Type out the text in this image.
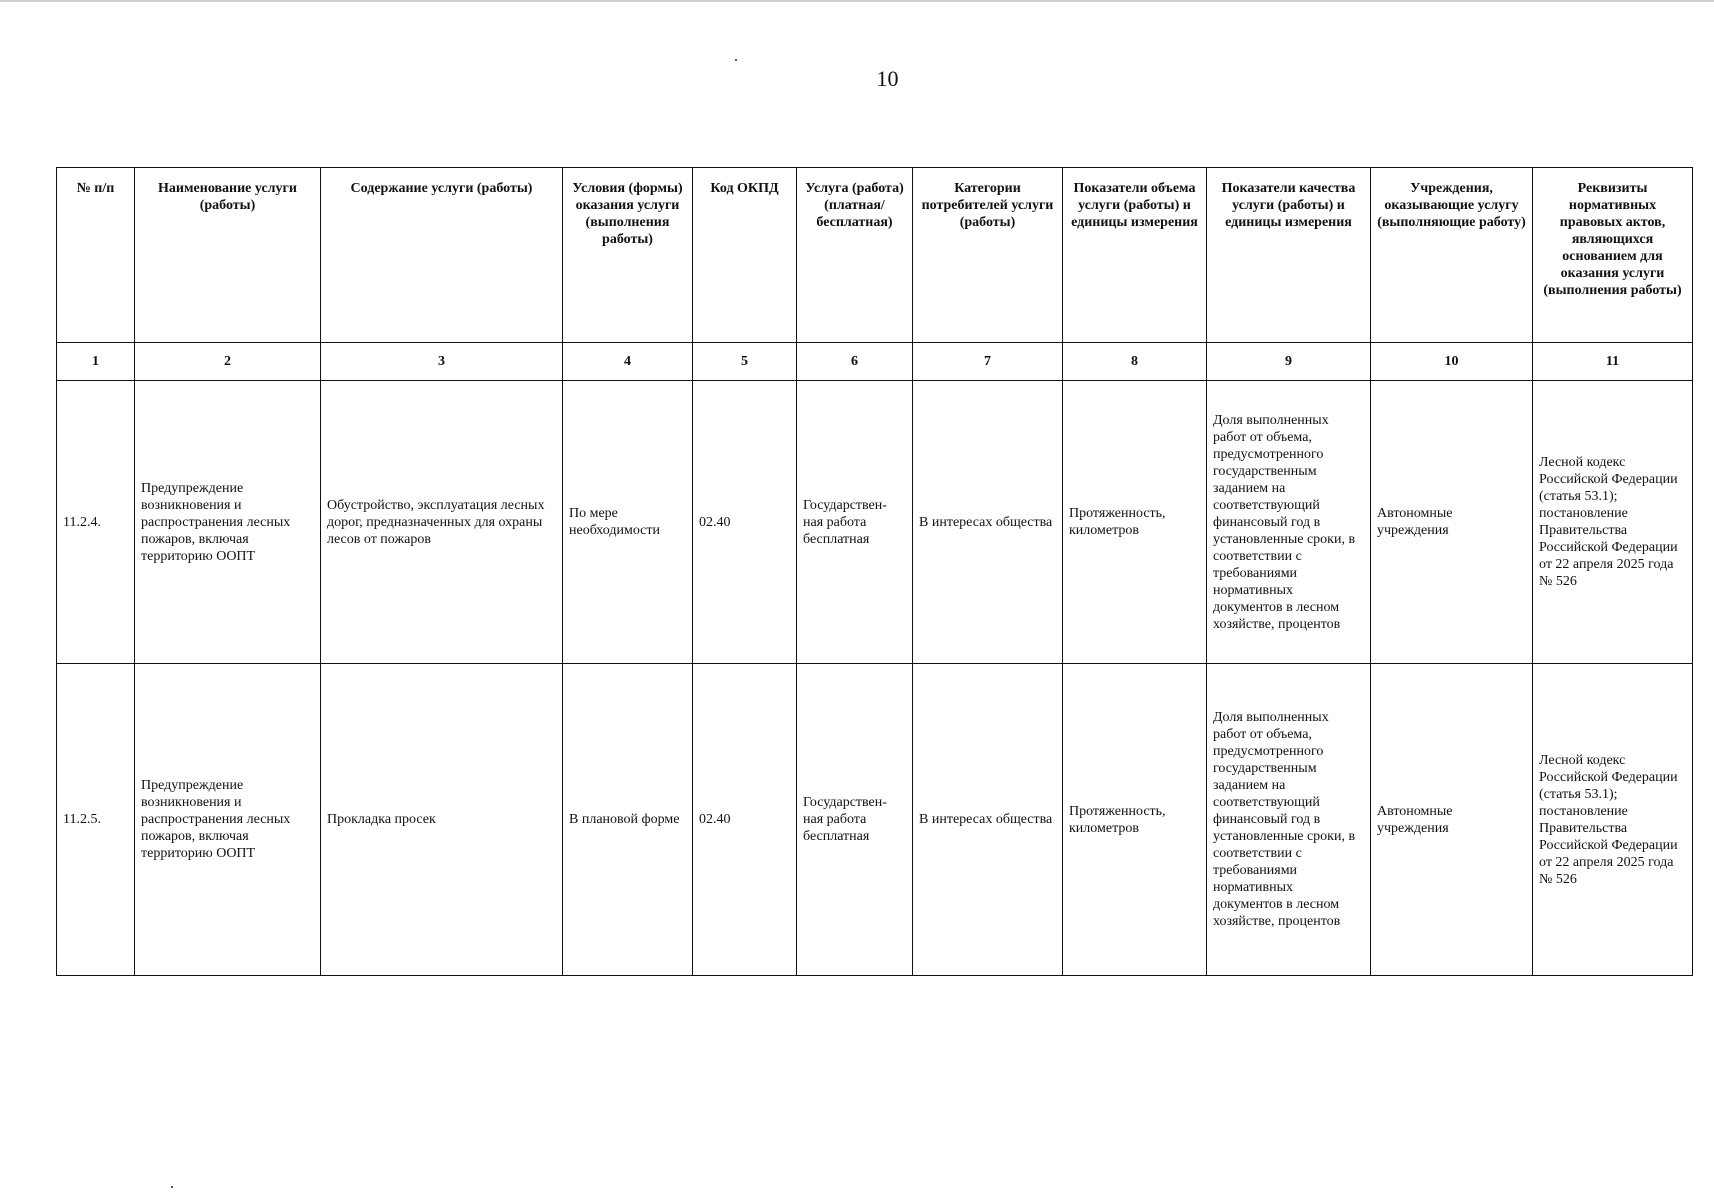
10
№ п/п	Наименование услуги (работы)	Содержание услуги (работы)	Условия (формы) оказания услуги (выполнения работы)	Код ОКПД	Услуга (работа) (платная/ бесплатная)	Категории потребителей услуги (работы)	Показатели объема услуги (работы) и единицы измерения	Показатели качества услуги (работы) и единицы измерения	Учреждения, оказывающие услугу (выполняющие работу)	Реквизиты нормативных правовых актов, являющихся основанием для оказания услуги (выполнения работы)
1	2	3	4	5	6	7	8	9	10	11
11.2.4.	Предупреждение возникновения и распространения лесных пожаров, включая территорию ООПТ	Обустройство, эксплуатация лесных дорог, предназначенных для охраны лесов от пожаров	По мере необходимости	02.40	Государствен-ная работа бесплатная	В интересах общества	Протяженность, километров	Доля выполненных работ от объема, предусмотренного государственным заданием на соответствующий финансовый год в установленные сроки, в соответствии с требованиями нормативных документов в лесном хозяйстве, процентов	Автономные учреждения	Лесной кодекс Российской Федерации (статья 53.1); постановление Правительства Российской Федерации от 22 апреля 2025 года № 526
11.2.5.	Предупреждение возникновения и распространения лесных пожаров, включая территорию ООПТ	Прокладка просек	В плановой форме	02.40	Государствен-ная работа бесплатная	В интересах общества	Протяженность, километров	Доля выполненных работ от объема, предусмотренного государственным заданием на соответствующий финансовый год в установленные сроки, в соответствии с требованиями нормативных документов в лесном хозяйстве, процентов	Автономные учреждения	Лесной кодекс Российской Федерации (статья 53.1); постановление Правительства Российской Федерации от 22 апреля 2025 года № 526
